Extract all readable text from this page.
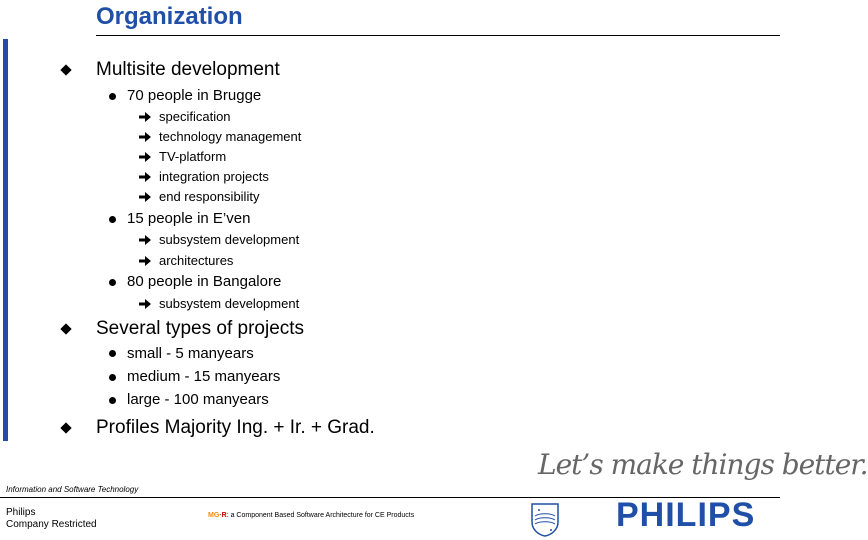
Organization
Multisite development
70 people in Brugge
specification
technology management
TV-platform
integration projects
end responsibility
15 people in E’ven
subsystem development
architectures
80 people in Bangalore
subsystem development
Several types of projects
small - 5 manyears
medium - 15 manyears
large - 100 manyears
Profiles Majority Ing. + Ir. + Grad.
Let’s make things better.
Information and Software Technology
Philips
Company Restricted
MG-R: a Component Based Software Architecture for CE Products	PHILIPS
